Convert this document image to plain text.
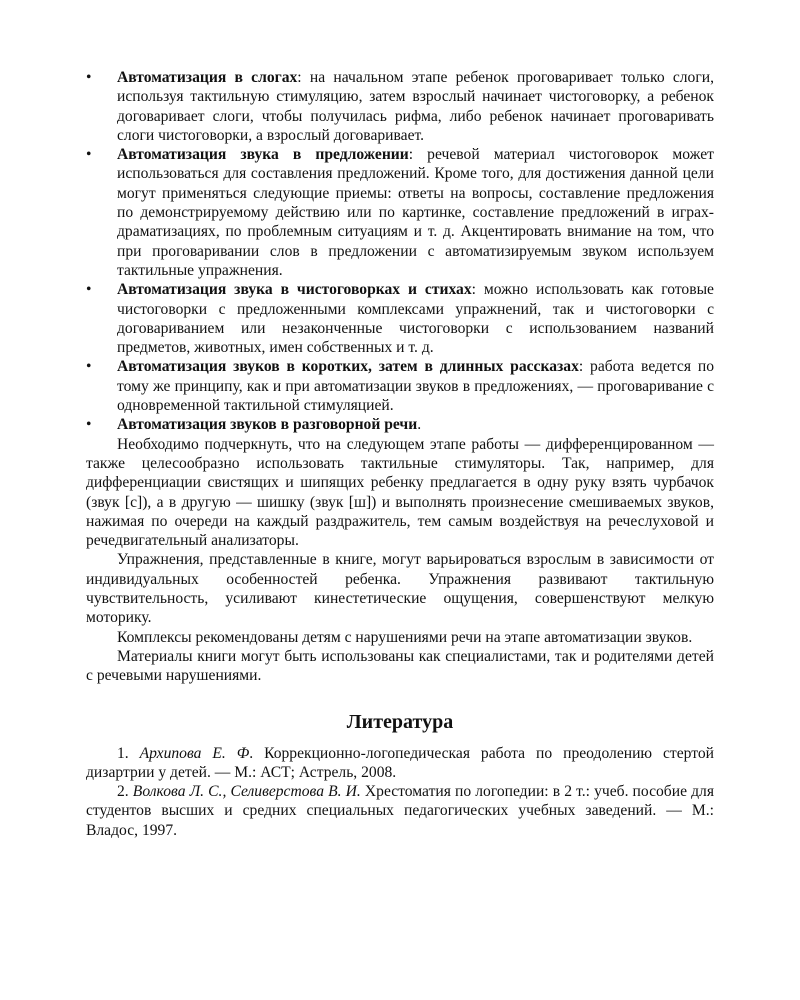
• Автоматизация в слогах: на начальном этапе ребенок проговаривает только слоги, используя тактильную стимуляцию, затем взрослый начинает чистоговорку, а ребенок договаривает слоги, чтобы получилась рифма, либо ребенок начинает проговаривать слоги чистоговорки, а взрослый договаривает.
• Автоматизация звука в предложении: речевой материал чистоговорок может использоваться для составления предложений. Кроме того, для достижения данной цели могут применяться следующие приемы: ответы на вопросы, составление предложения по демонстрируемому действию или по картинке, составление предложений в играх-драматизациях, по проблемным ситуациям и т. д. Акцентировать внимание на том, что при проговаривании слов в предложении с автоматизируемым звуком используем тактильные упражнения.
• Автоматизация звука в чистоговорках и стихах: можно использовать как готовые чистоговорки с предложенными комплексами упражнений, так и чистоговорки с договариванием или незаконченные чистоговорки с использованием названий предметов, животных, имен собственных и т. д.
• Автоматизация звуков в коротких, затем в длинных рассказах: работа ведется по тому же принципу, как и при автоматизации звуков в предложениях, — проговаривание с одновременной тактильной стимуляцией.
• Автоматизация звуков в разговорной речи.

Необходимо подчеркнуть, что на следующем этапе работы — дифференцированном — также целесообразно использовать тактильные стимуляторы. Так, например, для дифференциации свистящих и шипящих ребенку предлагается в одну руку взять чурбачок (звук [с]), а в другую — шишку (звук [ш]) и выполнять произнесение смешиваемых звуков, нажимая по очереди на каждый раздражитель, тем самым воздействуя на речеслуховой и речедвигательный анализаторы.

Упражнения, представленные в книге, могут варьироваться взрослым в зависимости от индивидуальных особенностей ребенка. Упражнения развивают тактильную чувствительность, усиливают кинестетические ощущения, совершенствуют мелкую моторику.

Комплексы рекомендованы детям с нарушениями речи на этапе автоматизации звуков.

Материалы книги могут быть использованы как специалистами, так и родителями детей с речевыми нарушениями.

Литература

1. Архипова Е. Ф. Коррекционно-логопедическая работа по преодолению стертой дизартрии у детей. — М.: АСТ; Астрель, 2008.

2. Волкова Л. С., Селиверстова В. И. Хрестоматия по логопедии: в 2 т.: учеб. пособие для студентов высших и средних специальных педагогических учебных заведений. — М.: Владос, 1997.
